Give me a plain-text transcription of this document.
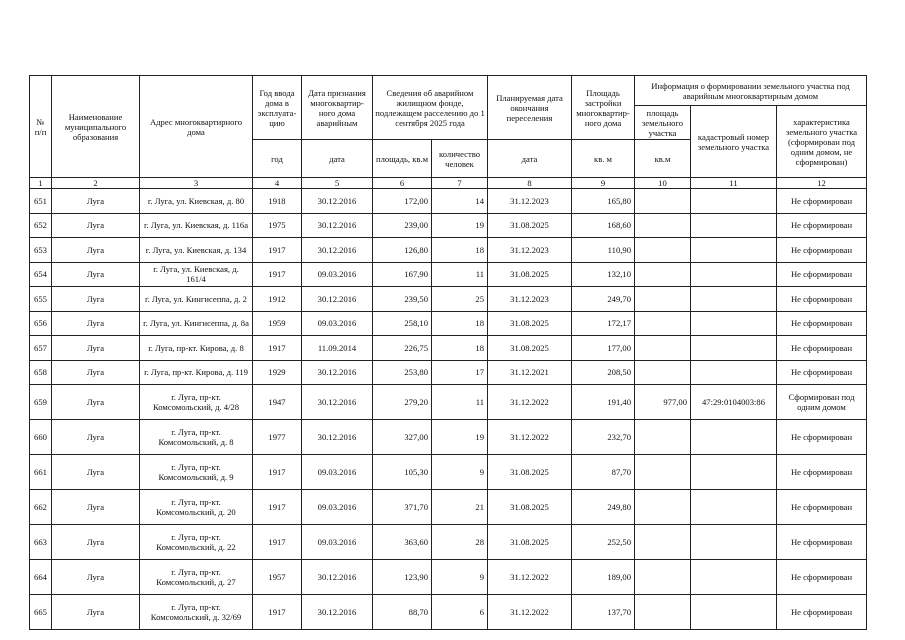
№ п/п	Наименование муниципального образования	Адрес многоквартирного дома	Год ввода дома в эксплуата-цию	Дата признания многоквартир-ного дома аварийным	Сведения об аварийном жилищном фонде, подлежащем расселению до 1 сентября 2025 года		Планируемая дата окончания переселения	Площадь застройки многоквартир-ного дома	Информация о формировании земельного участка под аварийным многоквартирным домом		
									площадь земельного участка	кадастровый номер земельного участка	характеристика земельного участка (сформирован под одним домом, не сформирован)
			год	дата	площадь, кв.м	количество человек	дата	кв. м	кв.м		
1	2	3	4	5	6	7	8	9	10	11	12
651	Луга	г. Луга, ул. Киевская, д. 80	1918	30.12.2016	172,00	14	31.12.2023	165,80			Не сформирован
652	Луга	г. Луга, ул. Киевская, д. 116а	1975	30.12.2016	239,00	19	31.08.2025	168,60			Не сформирован
653	Луга	г. Луга, ул. Киевская, д. 134	1917	30.12.2016	126,80	18	31.12.2023	110,90			Не сформирован
654	Луга	г. Луга, ул. Киевская, д. 161/4	1917	09.03.2016	167,90	11	31.08.2025	132,10			Не сформирован
655	Луга	г. Луга, ул. Кингисеппа, д. 2	1912	30.12.2016	239,50	25	31.12.2023	249,70			Не сформирован
656	Луга	г. Луга, ул. Кингисеппа, д. 8а	1959	09.03.2016	258,10	18	31.08.2025	172,17			Не сформирован
657	Луга	г. Луга, пр-кт. Кирова, д. 8	1917	11.09.2014	226,75	18	31.08.2025	177,00			Не сформирован
658	Луга	г. Луга, пр-кт. Кирова, д. 119	1929	30.12.2016	253,80	17	31.12.2021	208,50			Не сформирован
659	Луга	г. Луга, пр-кт. Комсомольский, д. 4/28	1947	30.12.2016	279,20	11	31.12.2022	191,40	977,00	47:29:0104003:86	Сформирован под одним домом
660	Луга	г. Луга, пр-кт. Комсомольский, д. 8	1977	30.12.2016	327,00	19	31.12.2022	232,70			Не сформирован
661	Луга	г. Луга, пр-кт. Комсомольский, д. 9	1917	09.03.2016	105,30	9	31.08.2025	87,70			Не сформирован
662	Луга	г. Луга, пр-кт. Комсомольский, д. 20	1917	09.03.2016	371,70	21	31.08.2025	249,80			Не сформирован
663	Луга	г. Луга, пр-кт. Комсомольский, д. 22	1917	09.03.2016	363,60	28	31.08.2025	252,50			Не сформирован
664	Луга	г. Луга, пр-кт. Комсомольский, д. 27	1957	30.12.2016	123,90	9	31.12.2022	189,00			Не сформирован
665	Луга	г. Луга, пр-кт. Комсомольский, д. 32/69	1917	30.12.2016	88,70	6	31.12.2022	137,70			Не сформирован
